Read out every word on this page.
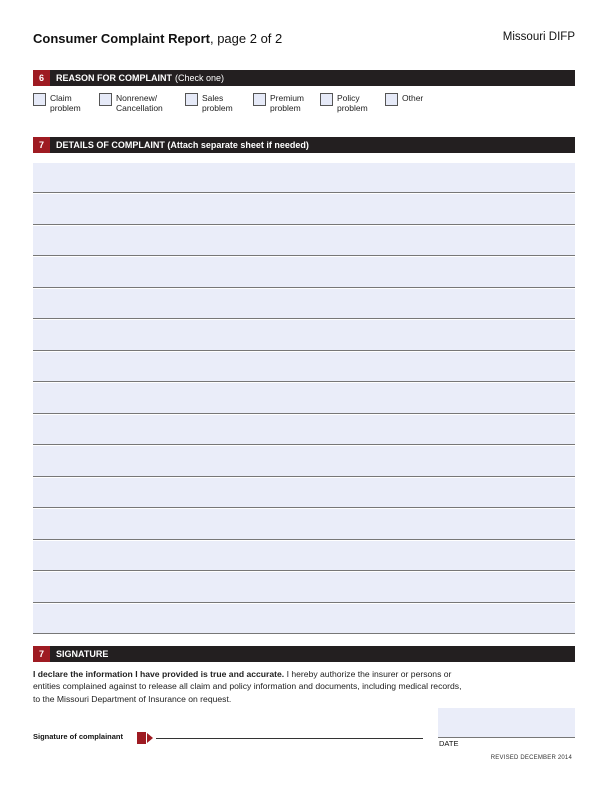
Consumer Complaint Report, page 2 of 2	Missouri DIFP
6	REASON FOR COMPLAINT (Check one)
Claim
problem
Nonrenew/
Cancellation
Sales
problem
Premium
problem
Policy
problem
Other
7	DETAILS OF COMPLAINT (Attach separate sheet if needed)
7	SIGNATURE
I declare the information I have provided is true and accurate. I hereby authorize the insurer or persons or entities complained against to release all claim and policy information and documents, including medical records, to the Missouri Department of Insurance on request.
Signature of complainant
DATE
REVISED DECEMBER 2014
